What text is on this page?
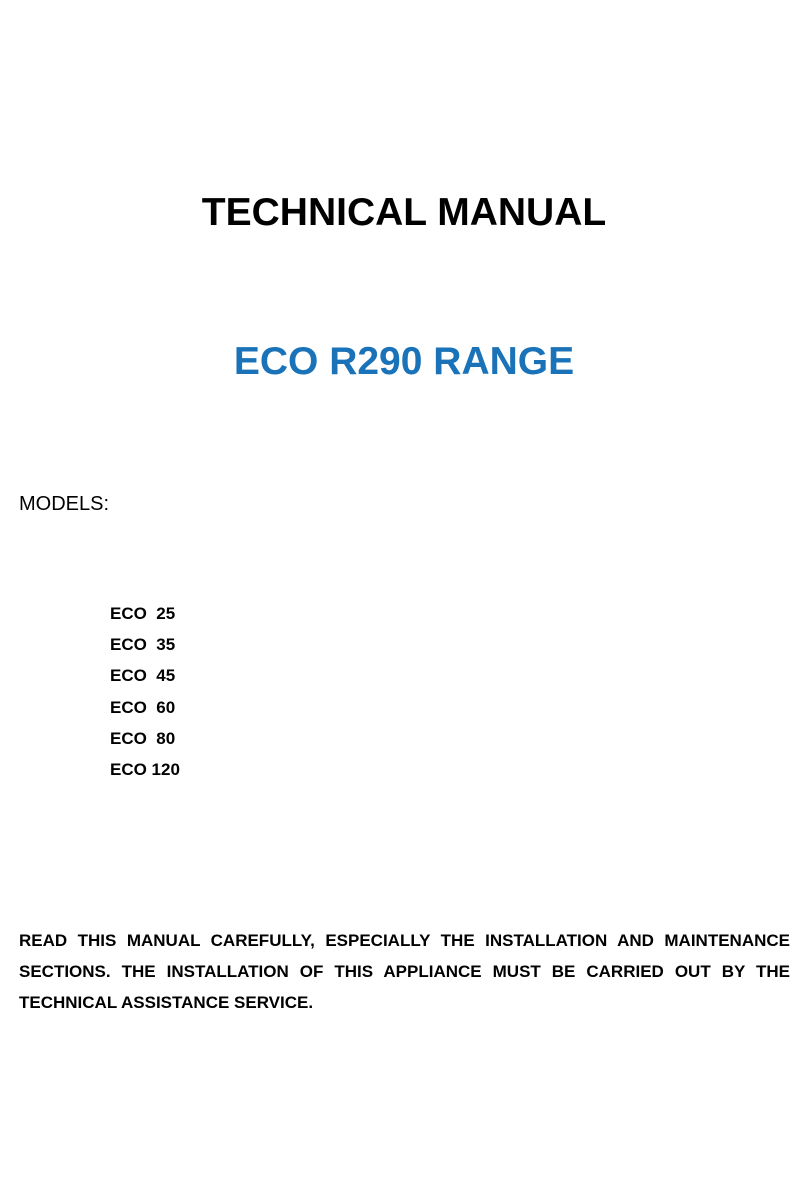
TECHNICAL MANUAL
ECO R290 RANGE

MODELS:

ECO  25
ECO  35
ECO  45
ECO  60
ECO  80
ECO 120

READ THIS MANUAL CAREFULLY, ESPECIALLY THE INSTALLATION AND MAINTENANCE SECTIONS. THE INSTALLATION OF THIS APPLIANCE MUST BE CARRIED OUT BY THE TECHNICAL ASSISTANCE SERVICE.
